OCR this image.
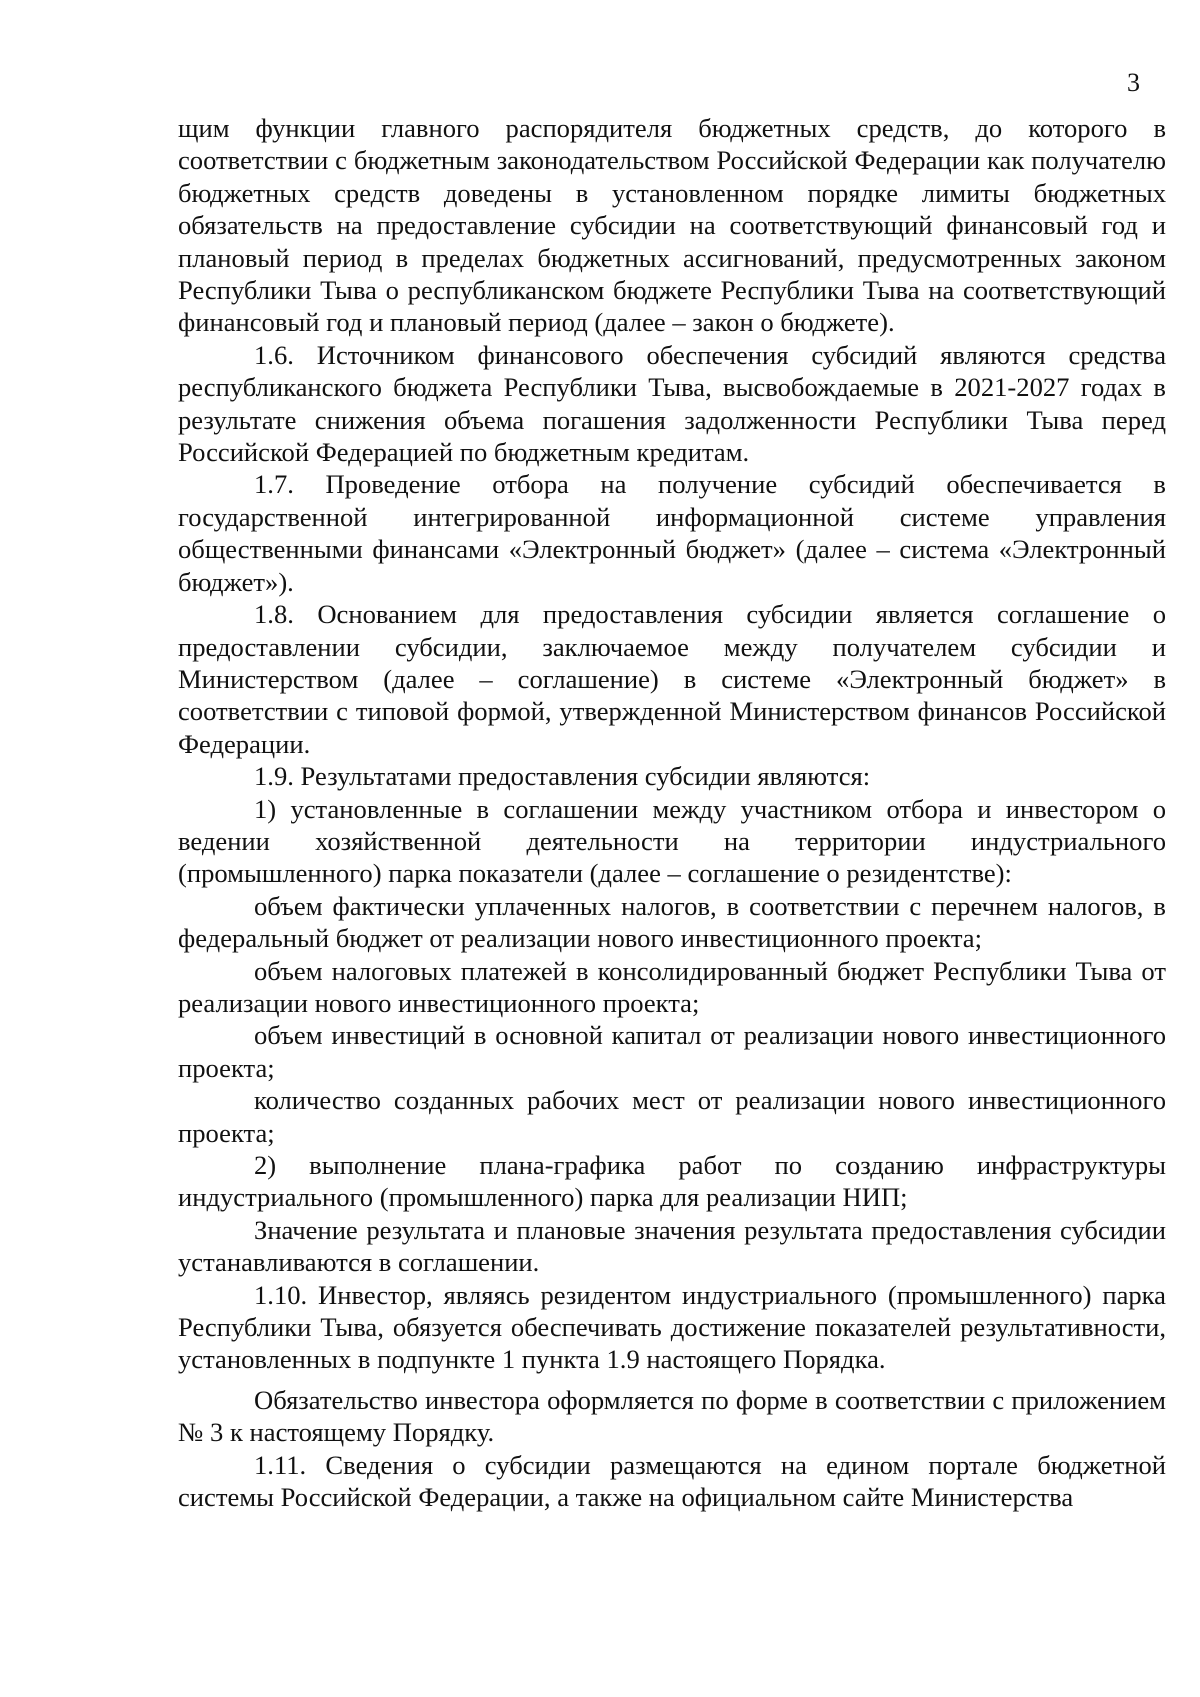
3

щим функции главного распорядителя бюджетных средств, до которого в соответствии с бюджетным законодательством Российской Федерации как получателю бюджетных средств доведены в установленном порядке лимиты бюджетных обязательств на предоставление субсидии на соответствующий финансовый год и плановый период в пределах бюджетных ассигнований, предусмотренных законом Республики Тыва о республиканском бюджете Республики Тыва на соответствующий финансовый год и плановый период (далее – закон о бюджете).

1.6. Источником финансового обеспечения субсидий являются средства республиканского бюджета Республики Тыва, высвобождаемые в 2021-2027 годах в результате снижения объема погашения задолженности Республики Тыва перед Российской Федерацией по бюджетным кредитам.

1.7. Проведение отбора на получение субсидий обеспечивается в государственной интегрированной информационной системе управления общественными финансами «Электронный бюджет» (далее – система «Электронный бюджет»).

1.8. Основанием для предоставления субсидии является соглашение о предоставлении субсидии, заключаемое между получателем субсидии и Министерством (далее – соглашение) в системе «Электронный бюджет» в соответствии с типовой формой, утвержденной Министерством финансов Российской Федерации.

1.9. Результатами предоставления субсидии являются:

1) установленные в соглашении между участником отбора и инвестором о ведении хозяйственной деятельности на территории индустриального (промышленного) парка показатели (далее – соглашение о резидентстве):

объем фактически уплаченных налогов, в соответствии с перечнем налогов, в федеральный бюджет от реализации нового инвестиционного проекта;

объем налоговых платежей в консолидированный бюджет Республики Тыва от реализации нового инвестиционного проекта;

объем инвестиций в основной капитал от реализации нового инвестиционного проекта;

количество созданных рабочих мест от реализации нового инвестиционного проекта;

2) выполнение плана-графика работ по созданию инфраструктуры индустриального (промышленного) парка для реализации НИП;

Значение результата и плановые значения результата предоставления субсидии устанавливаются в соглашении.

1.10. Инвестор, являясь резидентом индустриального (промышленного) парка Республики Тыва, обязуется обеспечивать достижение показателей результативности, установленных в подпункте 1 пункта 1.9 настоящего Порядка.

Обязательство инвестора оформляется по форме в соответствии с приложением № 3 к настоящему Порядку.

1.11. Сведения о субсидии размещаются на едином портале бюджетной системы Российской Федерации, а также на официальном сайте Министерства
